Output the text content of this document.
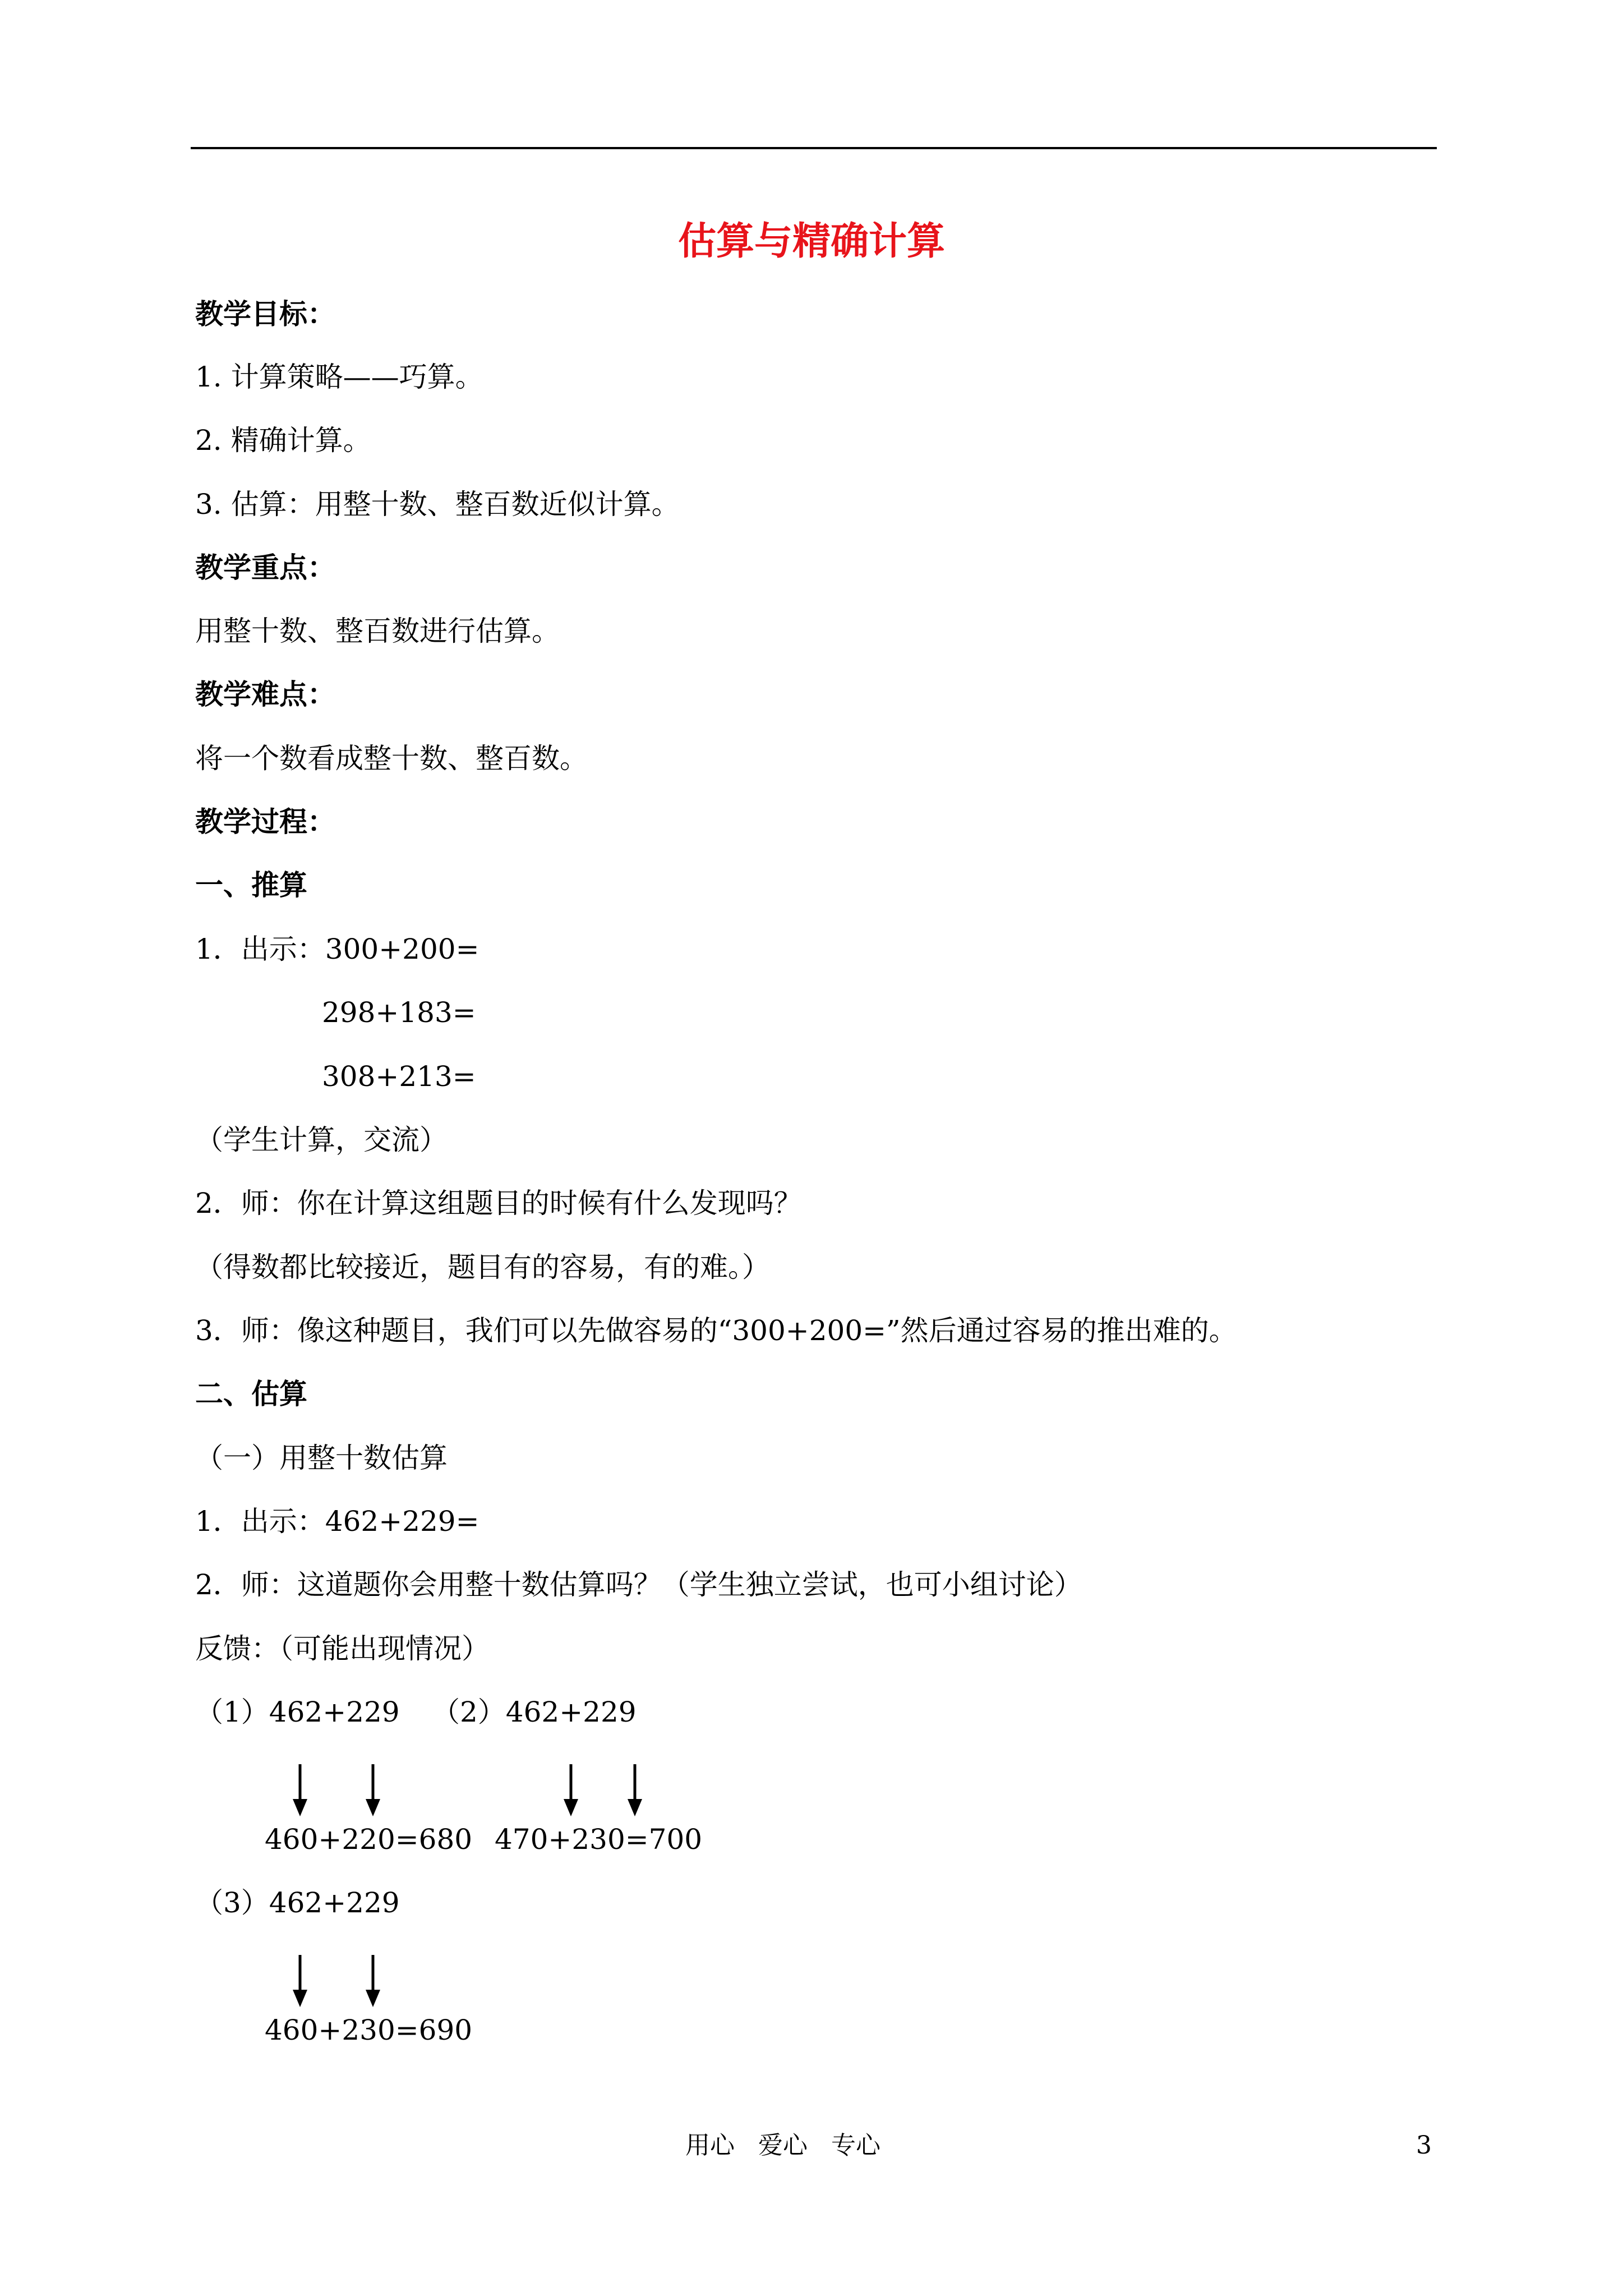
估算与精确计算
教学目标：
1. 计算策略——巧算。
2. 精确计算。
3. 估算：用整十数、整百数近似计算。
教学重点：
用整十数、整百数进行估算。
教学难点：
将一个数看成整十数、整百数。
教学过程：
一、推算
1．出示：300+200=
298+183=
308+213=
（学生计算，交流）
2．师：你在计算这组题目的时候有什么发现吗？
（得数都比较接近，题目有的容易，有的难。）
3．师：像这种题目，我们可以先做容易的“300+200=”然后通过容易的推出难的。
二、估算
（一）用整十数估算
1．出示：462+229=
2．师：这道题你会用整十数估算吗？（学生独立尝试，也可小组讨论）
反馈：（可能出现情况）
（1）462+229 （2）462+229
460+220=680 470+230=700
（3）462+229
460+230=690
用心 爱心 专心	3
